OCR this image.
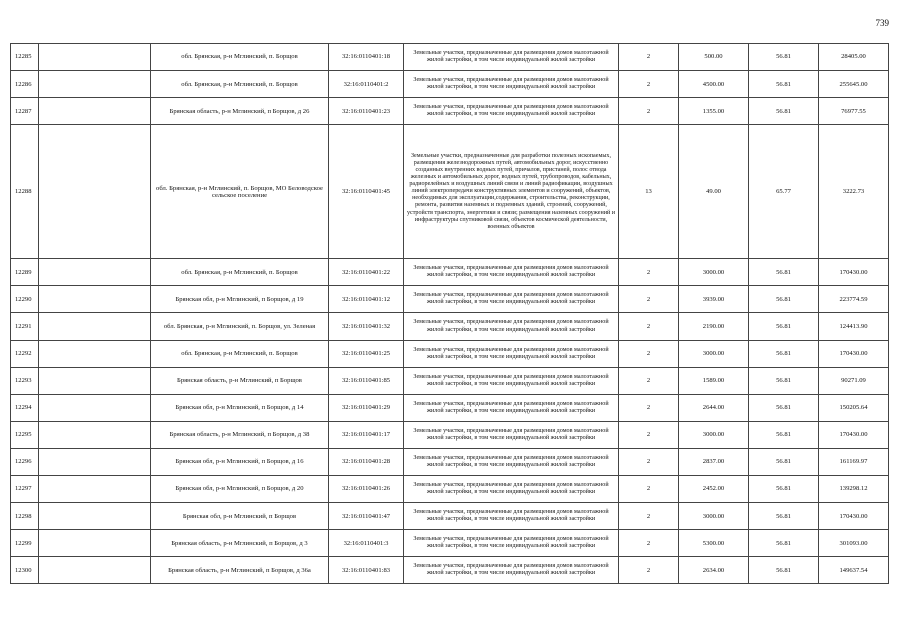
739
12285		обл. Брянская, р-н Мглинский, п. Борщов	32:16:0110401:18	Земельные участки, предназначенные для размещения домов малоэтажной жилой застройки, в том числе индивидуальной жилой застройки	2	500.00	56.81	28405.00
12286		обл. Брянская, р-н Мглинский, п. Борщов	32:16:0110401:2	Земельные участки, предназначенные для размещения домов малоэтажной жилой застройки, в том числе индивидуальной жилой застройки	2	4500.00	56.81	255645.00
12287		Брянская область, р-н Мглинский, п Борщов, д 26	32:16:0110401:23	Земельные участки, предназначенные для размещения домов малоэтажной жилой застройки, в том числе индивидуальной жилой застройки	2	1355.00	56.81	76977.55
12288		обл. Брянская, р-н Мглинский, п. Борщов, МО Беловодское сельское поселение	32:16:0110401:45	Земельные участки, предназначенные для разработки полезных ископаемых, размещения железнодорожных путей, автомобильных дорог, искусственно созданных внутренних водных путей, причалов, пристаней, полос отвода железных и автомобильных дорог, водных путей, трубопроводов, кабельных, радиорелейных и воздушных линий связи и линий радиофикации, воздушных линий электропередачи конструктивных элементов и сооружений, объектов, необходимых для эксплуатации,содержания, строительства, реконструкции, ремонта, развития наземных и подземных зданий, строений, сооружений, устройств транспорта, энергетики и связи; размещения наземных сооружений и инфраструктуры спутниковой связи, объектов космической деятельности, военных объектов	13	49.00	65.77	3222.73
12289		обл. Брянская, р-н Мглинский, п. Борщов	32:16:0110401:22	Земельные участки, предназначенные для размещения домов малоэтажной жилой застройки, в том числе индивидуальной жилой застройки	2	3000.00	56.81	170430.00
12290		Брянская обл, р-н Мглинский, п Борщов, д 19	32:16:0110401:12	Земельные участки, предназначенные для размещения домов малоэтажной жилой застройки, в том числе индивидуальной жилой застройки	2	3939.00	56.81	223774.59
12291		обл. Брянская, р-н Мглинский, п. Борщов, ул. Зеленая	32:16:0110401:32	Земельные участки, предназначенные для размещения домов малоэтажной жилой застройки, в том числе индивидуальной жилой застройки	2	2190.00	56.81	124413.90
12292		обл. Брянская, р-н Мглинский, п. Борщов	32:16:0110401:25	Земельные участки, предназначенные для размещения домов малоэтажной жилой застройки, в том числе индивидуальной жилой застройки	2	3000.00	56.81	170430.00
12293		Брянская область, р-н Мглинский, п Борщов	32:16:0110401:85	Земельные участки, предназначенные для размещения домов малоэтажной жилой застройки, в том числе индивидуальной жилой застройки	2	1589.00	56.81	90271.09
12294		Брянская обл, р-н Мглинский, п Борщов, д 14	32:16:0110401:29	Земельные участки, предназначенные для размещения домов малоэтажной жилой застройки, в том числе индивидуальной жилой застройки	2	2644.00	56.81	150205.64
12295		Брянская область, р-н Мглинский, п Борщов, д 38	32:16:0110401:17	Земельные участки, предназначенные для размещения домов малоэтажной жилой застройки, в том числе индивидуальной жилой застройки	2	3000.00	56.81	170430.00
12296		Брянская обл, р-н Мглинский, п Борщов, д 16	32:16:0110401:28	Земельные участки, предназначенные для размещения домов малоэтажной жилой застройки, в том числе индивидуальной жилой застройки	2	2837.00	56.81	161169.97
12297		Брянская обл, р-н Мглинский, п Борщов, д 20	32:16:0110401:26	Земельные участки, предназначенные для размещения домов малоэтажной жилой застройки, в том числе индивидуальной жилой застройки	2	2452.00	56.81	139298.12
12298		Брянская обл, р-н Мглинский, п Борщов	32:16:0110401:47	Земельные участки, предназначенные для размещения домов малоэтажной жилой застройки, в том числе индивидуальной жилой застройки	2	3000.00	56.81	170430.00
12299		Брянская область, р-н Мглинский, п Борщов, д 3	32:16:0110401:3	Земельные участки, предназначенные для размещения домов малоэтажной жилой застройки, в том числе индивидуальной жилой застройки	2	5300.00	56.81	301093.00
12300		Брянская область, р-н Мглинский, п Борщов, д 36а	32:16:0110401:83	Земельные участки, предназначенные для размещения домов малоэтажной жилой застройки, в том числе индивидуальной жилой застройки	2	2634.00	56.81	149637.54
